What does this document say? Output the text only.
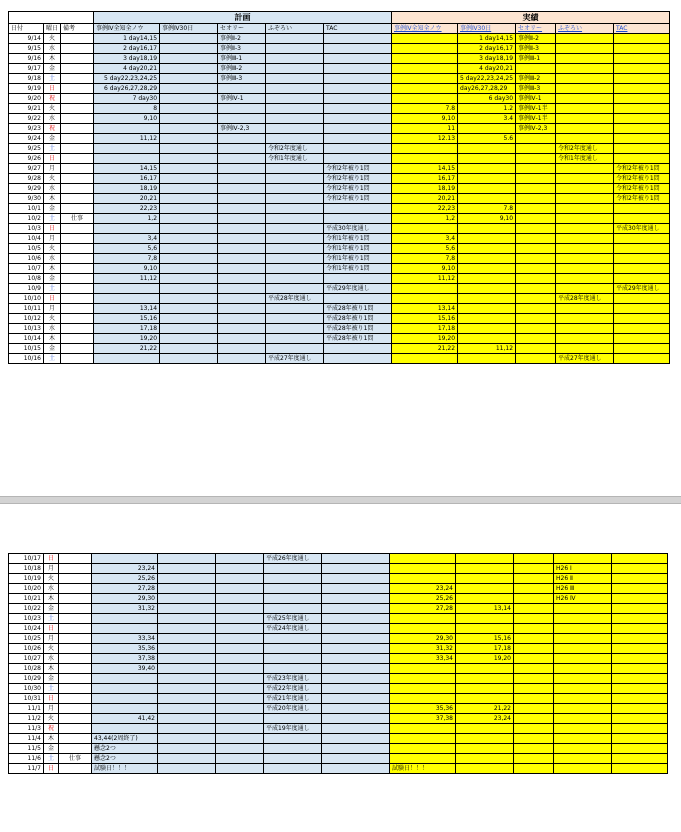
			計画					実績				
日付	曜日	備考	事例Ⅳ全知全ノウ	事例Ⅳ30日	セオリー	ふぞろい	TAC	事例Ⅳ全知全ノウ	事例Ⅳ30日	セオリー	ふぞろい	TAC
9/14	火		1 day14,15		事例Ⅱ-2				1 day14,15	事例Ⅱ-2		
9/15	水		2 day16,17		事例Ⅱ-3				2 day16,17	事例Ⅱ-3		
9/16	木		3 day18,19		事例Ⅲ-1				3 day18,19	事例Ⅲ-1		
9/17	金		4 day20,21		事例Ⅲ-2				4 day20,21			
9/18	土		5 day22,23,24,25		事例Ⅲ-3				5 day22,23,24,25	事例Ⅲ-2		
9/19	日		6 day26,27,28,29						day26,27,28,29	事例Ⅲ-3		
9/20	祝		7 day30		事例Ⅳ-1				6 day30	事例Ⅳ-1		
9/21	火		8					7.8	1.2	事例Ⅳ-1半		
9/22	水		9,10					9,10	3.4	事例Ⅳ-1半		
9/23	祝				事例Ⅳ-2,3			11		事例Ⅳ-2,3		
9/24	金		11,12					12.13	5.6			
9/25	土					令和2年度通し					令和2年度通し	
9/26	日					令和1年度通し					令和1年度通し	
9/27	月		14,15				令和2年被り1問	14,15				令和2年被り1問
9/28	火		16,17				令和2年被り1問	16,17				令和2年被り1問
9/29	水		18,19				令和2年被り1問	18,19				令和2年被り1問
9/30	木		20,21				令和2年被り1問	20,21				令和2年被り1問
10/1	金		22,23					22,23	7.8			
10/2	土	仕事	1,2					1,2	9,10			
10/3	日						平成30年度通し					平成30年度通し
10/4	月		3,4				令和1年被り1問	3,4				
10/5	火		5,6				令和1年被り1問	5,6				
10/6	水		7,8				令和1年被り1問	7,8				
10/7	木		9,10				令和1年被り1問	9,10				
10/8	金		11,12					11,12				
10/9	土						平成29年度通し					平成29年度通し
10/10	日					平成28年度通し					平成28年度通し	
10/11	月		13,14				平成28年被り1問	13,14				
10/12	火		15,16				平成28年被り1問	15,16				
10/13	水		17,18				平成28年被り1問	17,18				
10/14	木		19,20				平成28年被り1問	19,20				
10/15	金		21,22					21,22	11,12			
10/16	土					平成27年度通し					平成27年度通し	
10/17	日					平成26年度通し						
10/18	月		23,24								H26 Ⅰ	
10/19	火		25,26								H26 Ⅱ	
10/20	水		27,28					23,24			H26 Ⅲ	
10/21	木		29,30					25,26			H26 Ⅳ	
10/22	金		31,32					27,28	13,14			
10/23	土					平成25年度通し						
10/24	日					平成24年度通し						
10/25	月		33,34					29,30	15,16			
10/26	火		35,36					31,32	17,18			
10/27	水		37,38					33,34	19,20			
10/28	木		39,40									
10/29	金					平成23年度通し						
10/30	土					平成22年度通し						
10/31	日					平成21年度通し						
11/1	月					平成20年度通し		35,36	21,22			
11/2	火		41,42					37,38	23,24			
11/3	祝					平成19年度通し						
11/4	木		43,44(2周終了)									
11/5	金		懸念2つ									
11/6	土	仕事	懸念2つ									
11/7	日		試験日！！！					試験日！！！				
